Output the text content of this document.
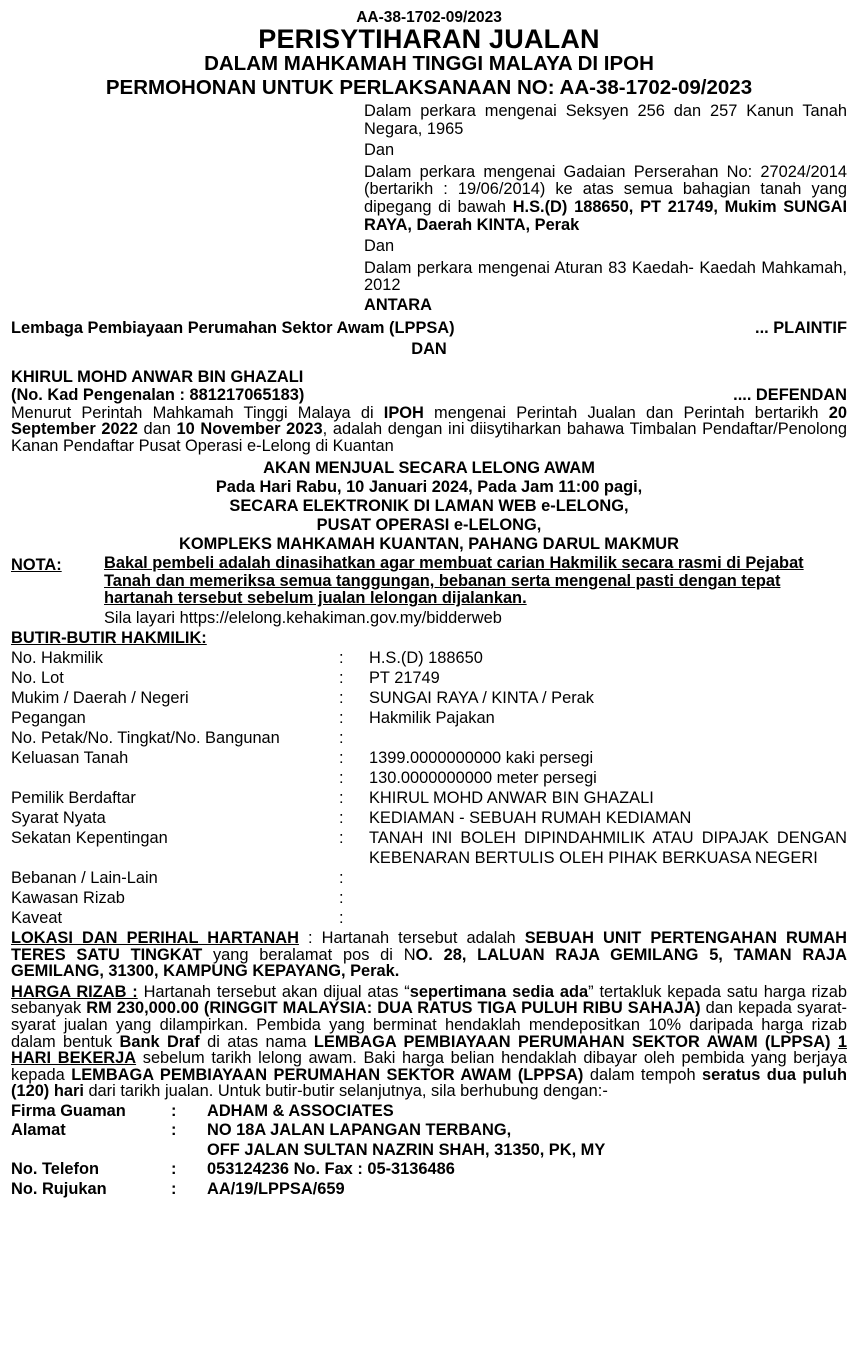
AA-38-1702-09/2023
PERISYTIHARAN JUALAN
DALAM MAHKAMAH TINGGI MALAYA DI IPOH
PERMOHONAN UNTUK PERLAKSANAAN NO: AA-38-1702-09/2023

Dalam perkara mengenai Seksyen 256 dan 257 Kanun Tanah Negara, 1965

Dan

Dalam perkara mengenai Gadaian Perserahan No: 27024/2014 (bertarikh : 19/06/2014) ke atas semua bahagian tanah yang dipegang di bawah H.S.(D) 188650, PT 21749, Mukim SUNGAI RAYA, Daerah KINTA, Perak

Dan

Dalam perkara mengenai Aturan 83 Kaedah- Kaedah Mahkamah, 2012

ANTARA
Lembaga Pembiayaan Perumahan Sektor Awam (LPPSA)	... PLAINTIF
DAN
KHIRUL MOHD ANWAR BIN GHAZALI
(No. Kad Pengenalan : 881217065183)	.... DEFENDAN
Menurut Perintah Mahkamah Tinggi Malaya di IPOH mengenai Perintah Jualan dan Perintah bertarikh 20 September 2022 dan 10 November 2023, adalah dengan ini diisytiharkan bahawa Timbalan Pendaftar/Penolong Kanan Pendaftar Pusat Operasi e-Lelong di Kuantan
AKAN MENJUAL SECARA LELONG AWAM
Pada Hari Rabu, 10 Januari 2024, Pada Jam 11:00 pagi,
SECARA ELEKTRONIK DI LAMAN WEB e-LELONG,
PUSAT OPERASI e-LELONG,
KOMPLEKS MAHKAMAH KUANTAN, PAHANG DARUL MAKMUR
NOTA:	Bakal pembeli adalah dinasihatkan agar membuat carian Hakmilik secara rasmi di Pejabat Tanah dan memeriksa semua tanggungan, bebanan serta mengenal pasti dengan tepat hartanah tersebut sebelum jualan lelongan dijalankan.
Sila layari https://elelong.kehakiman.gov.my/bidderweb
BUTIR-BUTIR HAKMILIK:
No. Hakmilik	:	H.S.(D) 188650
No. Lot	:	PT 21749
Mukim / Daerah / Negeri	:	SUNGAI RAYA / KINTA / Perak
Pegangan	:	Hakmilik Pajakan
No. Petak/No. Tingkat/No. Bangunan	:	
Keluasan Tanah	:	1399.0000000000 kaki persegi
	:	130.0000000000 meter persegi
Pemilik Berdaftar	:	KHIRUL MOHD ANWAR BIN GHAZALI
Syarat Nyata	:	KEDIAMAN - SEBUAH RUMAH KEDIAMAN
Sekatan Kepentingan	:	TANAH INI BOLEH DIPINDAHMILIK ATAU DIPAJAK DENGAN KEBENARAN BERTULIS OLEH PIHAK BERKUASA NEGERI
Bebanan / Lain-Lain	:	
Kawasan Rizab	:	
Kaveat	:	

LOKASI DAN PERIHAL HARTANAH : Hartanah tersebut adalah SEBUAH UNIT PERTENGAHAN RUMAH TERES SATU TINGKAT yang beralamat pos di NO. 28, LALUAN RAJA GEMILANG 5, TAMAN RAJA GEMILANG, 31300, KAMPUNG KEPAYANG, Perak.

HARGA RIZAB : Hartanah tersebut akan dijual atas “sepertimana sedia ada” tertakluk kepada satu harga rizab sebanyak RM 230,000.00 (RINGGIT MALAYSIA: DUA RATUS TIGA PULUH RIBU SAHAJA) dan kepada syarat-syarat jualan yang dilampirkan. Pembida yang berminat hendaklah mendepositkan 10% daripada harga rizab dalam bentuk Bank Draf di atas nama LEMBAGA PEMBIAYAAN PERUMAHAN SEKTOR AWAM (LPPSA) 1 HARI BEKERJA sebelum tarikh lelong awam. Baki harga belian hendaklah dibayar oleh pembida yang berjaya kepada LEMBAGA PEMBIAYAAN PERUMAHAN SEKTOR AWAM (LPPSA) dalam tempoh seratus dua puluh (120) hari dari tarikh jualan. Untuk butir-butir selanjutnya, sila berhubung dengan:-

Firma Guaman	:	ADHAM & ASSOCIATES
Alamat	:	NO 18A JALAN LAPANGAN TERBANG,
OFF JALAN SULTAN NAZRIN SHAH, 31350, PK, MY

No. Telefon	:	053124236 No. Fax : 05-3136486
No. Rujukan	:	AA/19/LPPSA/659
